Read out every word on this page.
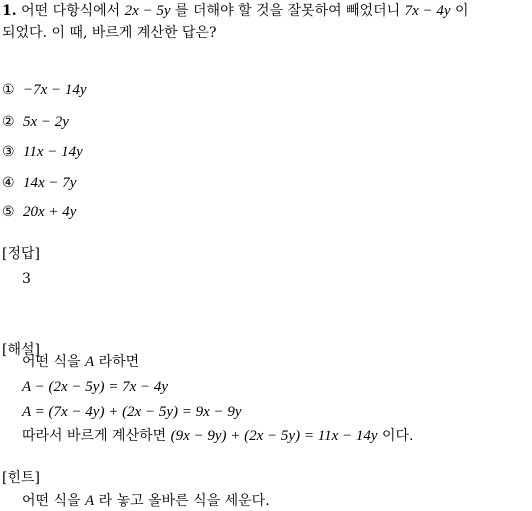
1. 어떤 다항식에서 2x − 5y 를 더해야 할 것을 잘못하여 빼었더니 7x − 4y 이
되었다. 이 때, 바르게 계산한 답은?
① −7x − 14y
② 5x − 2y
③ 11x − 14y
④ 14x − 7y
⑤ 20x + 4y
[정답]
3
[해설]
어떤 식을 A 라하면
A − (2x − 5y) = 7x − 4y
A = (7x − 4y) + (2x − 5y) = 9x − 9y
따라서 바르게 계산하면 (9x − 9y) + (2x − 5y) = 11x − 14y 이다.
[힌트]
어떤 식을 A 라 놓고 올바른 식을 세운다.
